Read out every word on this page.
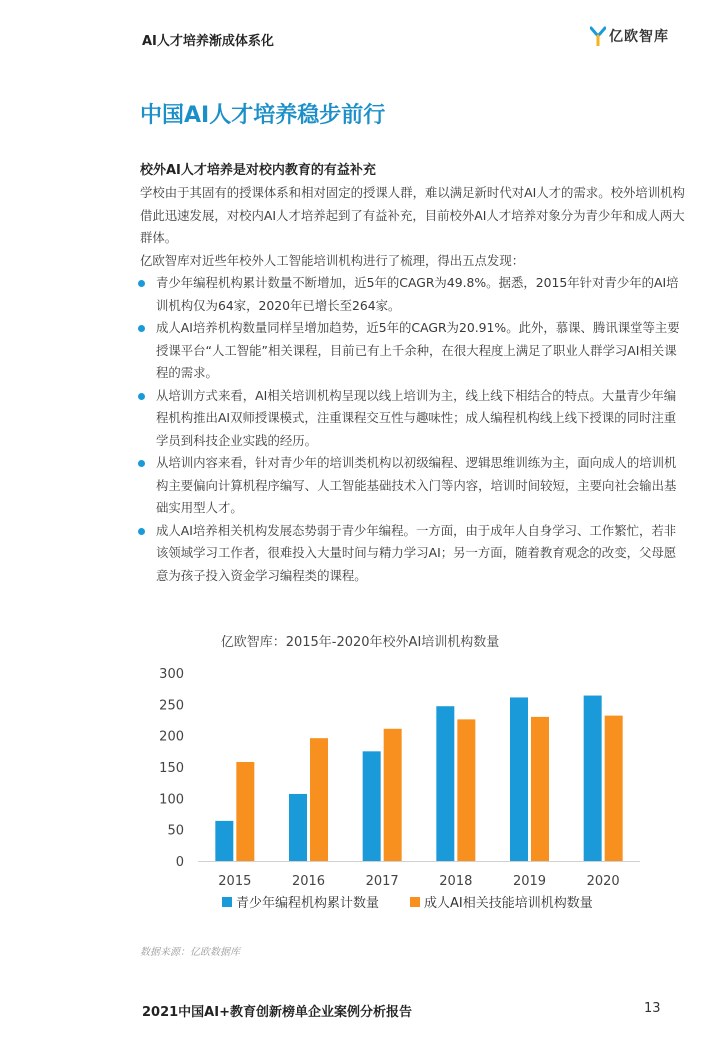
AI人才培养渐成体系化	亿欧智库
中国AI人才培养稳步前行
校外AI人才培养是对校内教育的有益补充

学校由于其固有的授课体系和相对固定的授课人群，难以满足新时代对AI人才的需求。校外培训机构借此迅速发展，对校内AI人才培养起到了有益补充，目前校外AI人才培养对象分为青少年和成人两大群体。

亿欧智库对近些年校外人工智能培训机构进行了梳理，得出五点发现：

青少年编程机构累计数量不断增加，近5年的CAGR为49.8%。据悉，2015年针对青少年的AI培训机构仅为64家，2020年已增长至264家。
成人AI培养机构数量同样呈增加趋势，近5年的CAGR为20.91%。此外，慕课、腾讯课堂等主要授课平台“人工智能”相关课程，目前已有上千余种，在很大程度上满足了职业人群学习AI相关课程的需求。
从培训方式来看，AI相关培训机构呈现以线上培训为主，线上线下相结合的特点。大量青少年编程机构推出AI双师授课模式，注重课程交互性与趣味性；成人编程机构线上线下授课的同时注重学员到科技企业实践的经历。
从培训内容来看，针对青少年的培训类机构以初级编程、逻辑思维训练为主，面向成人的培训机构主要偏向计算机程序编写、人工智能基础技术入门等内容，培训时间较短，主要向社会输出基础实用型人才。
成人AI培养相关机构发展态势弱于青少年编程。一方面，由于成年人自身学习、工作繁忙，若非该领域学习工作者，很难投入大量时间与精力学习AI；另一方面，随着教育观念的改变，父母愿意为孩子投入资金学习编程类的课程。
亿欧智库：2015年-2020年校外AI培训机构数量
0
50
100
150
200
250
300
2015	2016	2017	2018	2019	2020
青少年编程机构累计数量	成人AI相关技能培训机构数量
数据来源：亿欧数据库
2021中国AI+教育创新榜单企业案例分析报告	13
